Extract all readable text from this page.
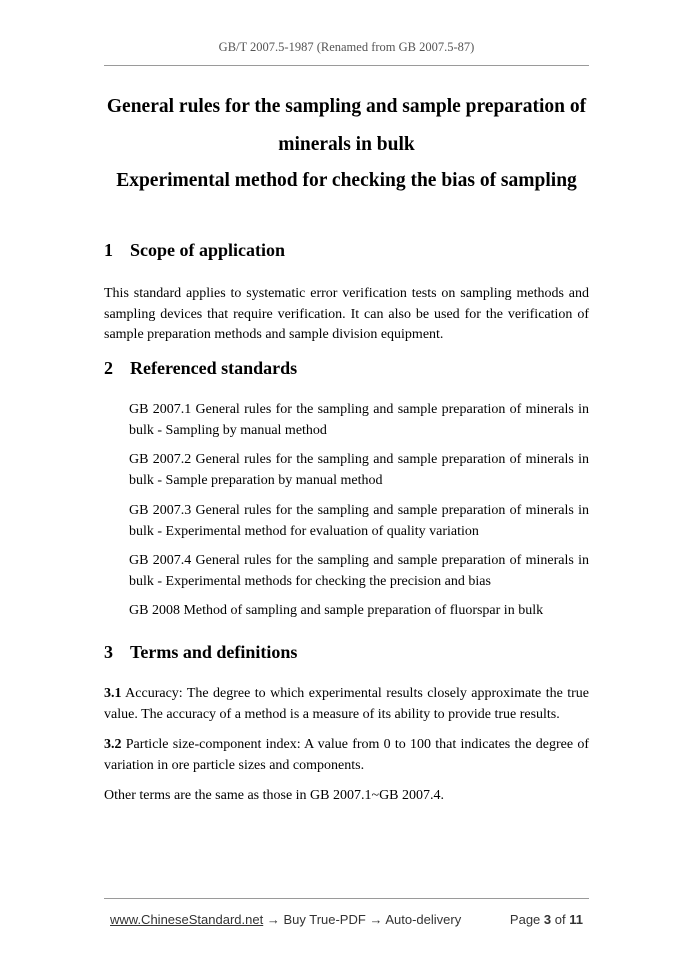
GB/T 2007.5-1987 (Renamed from GB 2007.5-87)
General rules for the sampling and sample preparation of
minerals in bulk
Experimental method for checking the bias of sampling
1 Scope of application
This standard applies to systematic error verification tests on sampling methods and sampling devices that require verification. It can also be used for the verification of sample preparation methods and sample division equipment.
2 Referenced standards
GB 2007.1 General rules for the sampling and sample preparation of minerals in bulk - Sampling by manual method
GB 2007.2 General rules for the sampling and sample preparation of minerals in bulk - Sample preparation by manual method
GB 2007.3 General rules for the sampling and sample preparation of minerals in bulk - Experimental method for evaluation of quality variation
GB 2007.4 General rules for the sampling and sample preparation of minerals in bulk - Experimental methods for checking the precision and bias
GB 2008 Method of sampling and sample preparation of fluorspar in bulk
3 Terms and definitions
3.1 Accuracy: The degree to which experimental results closely approximate the true value. The accuracy of a method is a measure of its ability to provide true results.
3.2 Particle size-component index: A value from 0 to 100 that indicates the degree of variation in ore particle sizes and components.
Other terms are the same as those in GB 2007.1~GB 2007.4.
www.ChineseStandard.net → Buy True-PDF → Auto-delivery	Page 3 of 11
